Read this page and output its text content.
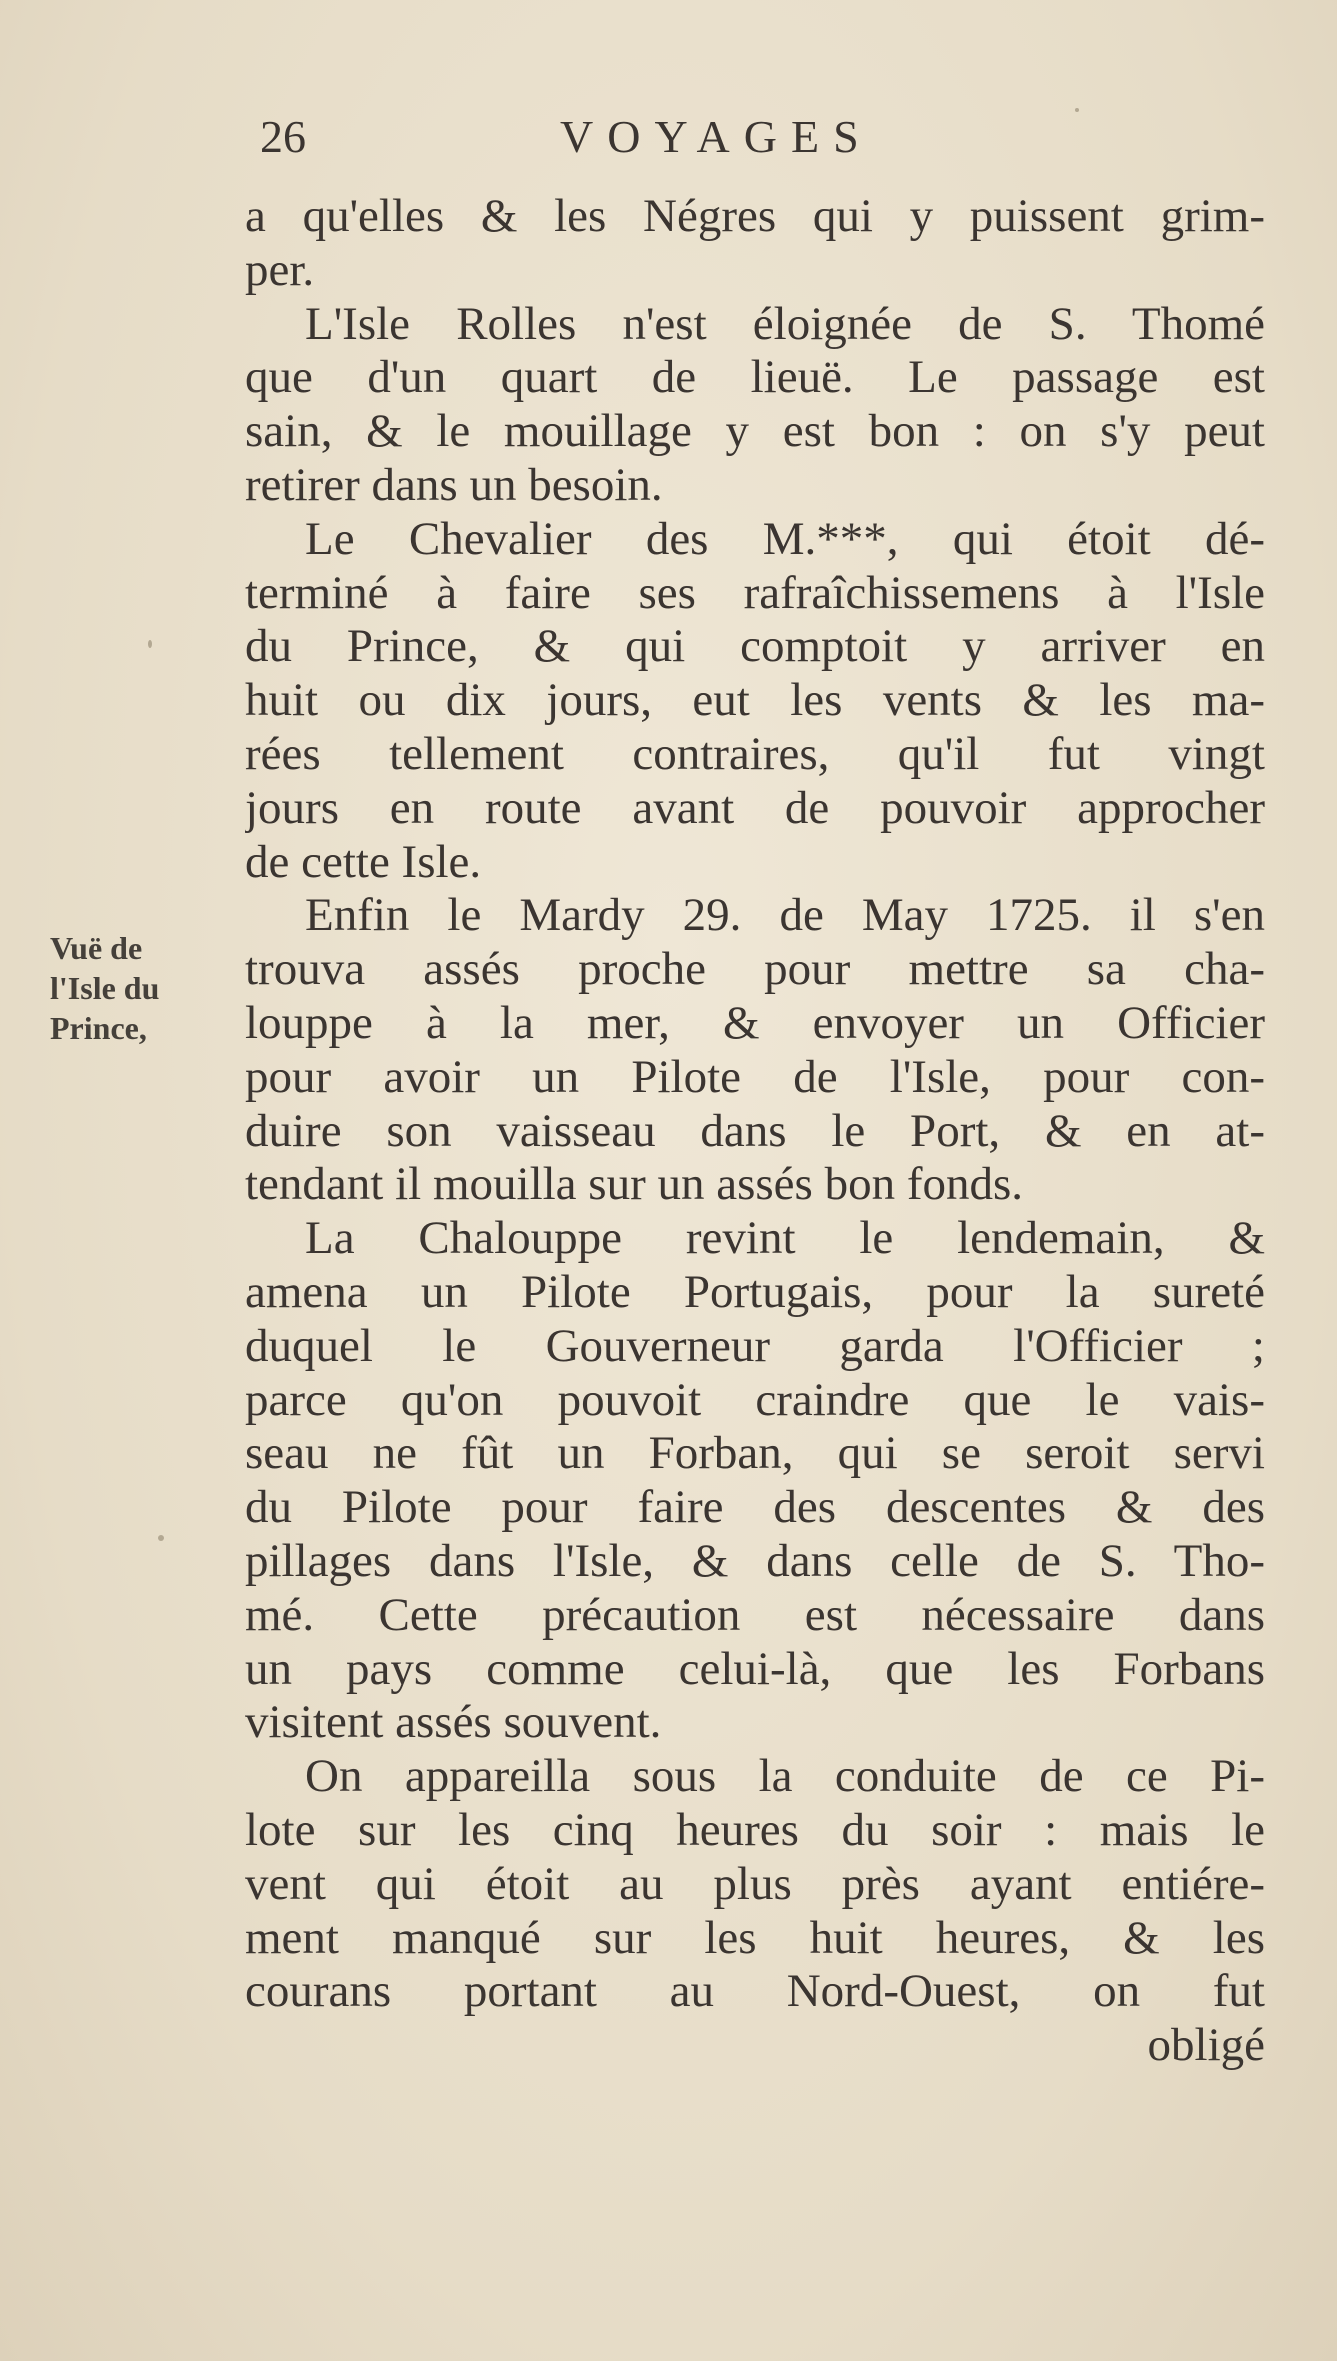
26	VOYAGES
Vuë de
l'Isle du
Prince,
a qu'elles & les Négres qui y puissent grim-
per.
L'Isle Rolles n'est éloignée de S. Thomé
que d'un quart de lieuë. Le passage est
sain, & le mouillage y est bon : on s'y peut
retirer dans un besoin.
Le Chevalier des M.***, qui étoit dé-
terminé à faire ses rafraîchissemens à l'Isle
du Prince, & qui comptoit y arriver en
huit ou dix jours, eut les vents & les ma-
rées tellement contraires, qu'il fut vingt
jours en route avant de pouvoir approcher
de cette Isle.
Enfin le Mardy 29. de May 1725. il s'en
trouva assés proche pour mettre sa cha-
louppe à la mer, & envoyer un Officier
pour avoir un Pilote de l'Isle, pour con-
duire son vaisseau dans le Port, & en at-
tendant il mouilla sur un assés bon fonds.
La Chalouppe revint le lendemain, &
amena un Pilote Portugais, pour la sureté
duquel le Gouverneur garda l'Officier ;
parce qu'on pouvoit craindre que le vais-
seau ne fût un Forban, qui se seroit servi
du Pilote pour faire des descentes & des
pillages dans l'Isle, & dans celle de S. Tho-
mé. Cette précaution est nécessaire dans
un pays comme celui-là, que les Forbans
visitent assés souvent.
On appareilla sous la conduite de ce Pi-
lote sur les cinq heures du soir : mais le
vent qui étoit au plus près ayant entiére-
ment manqué sur les huit heures, & les
courans portant au Nord-Ouest, on fut
obligé
